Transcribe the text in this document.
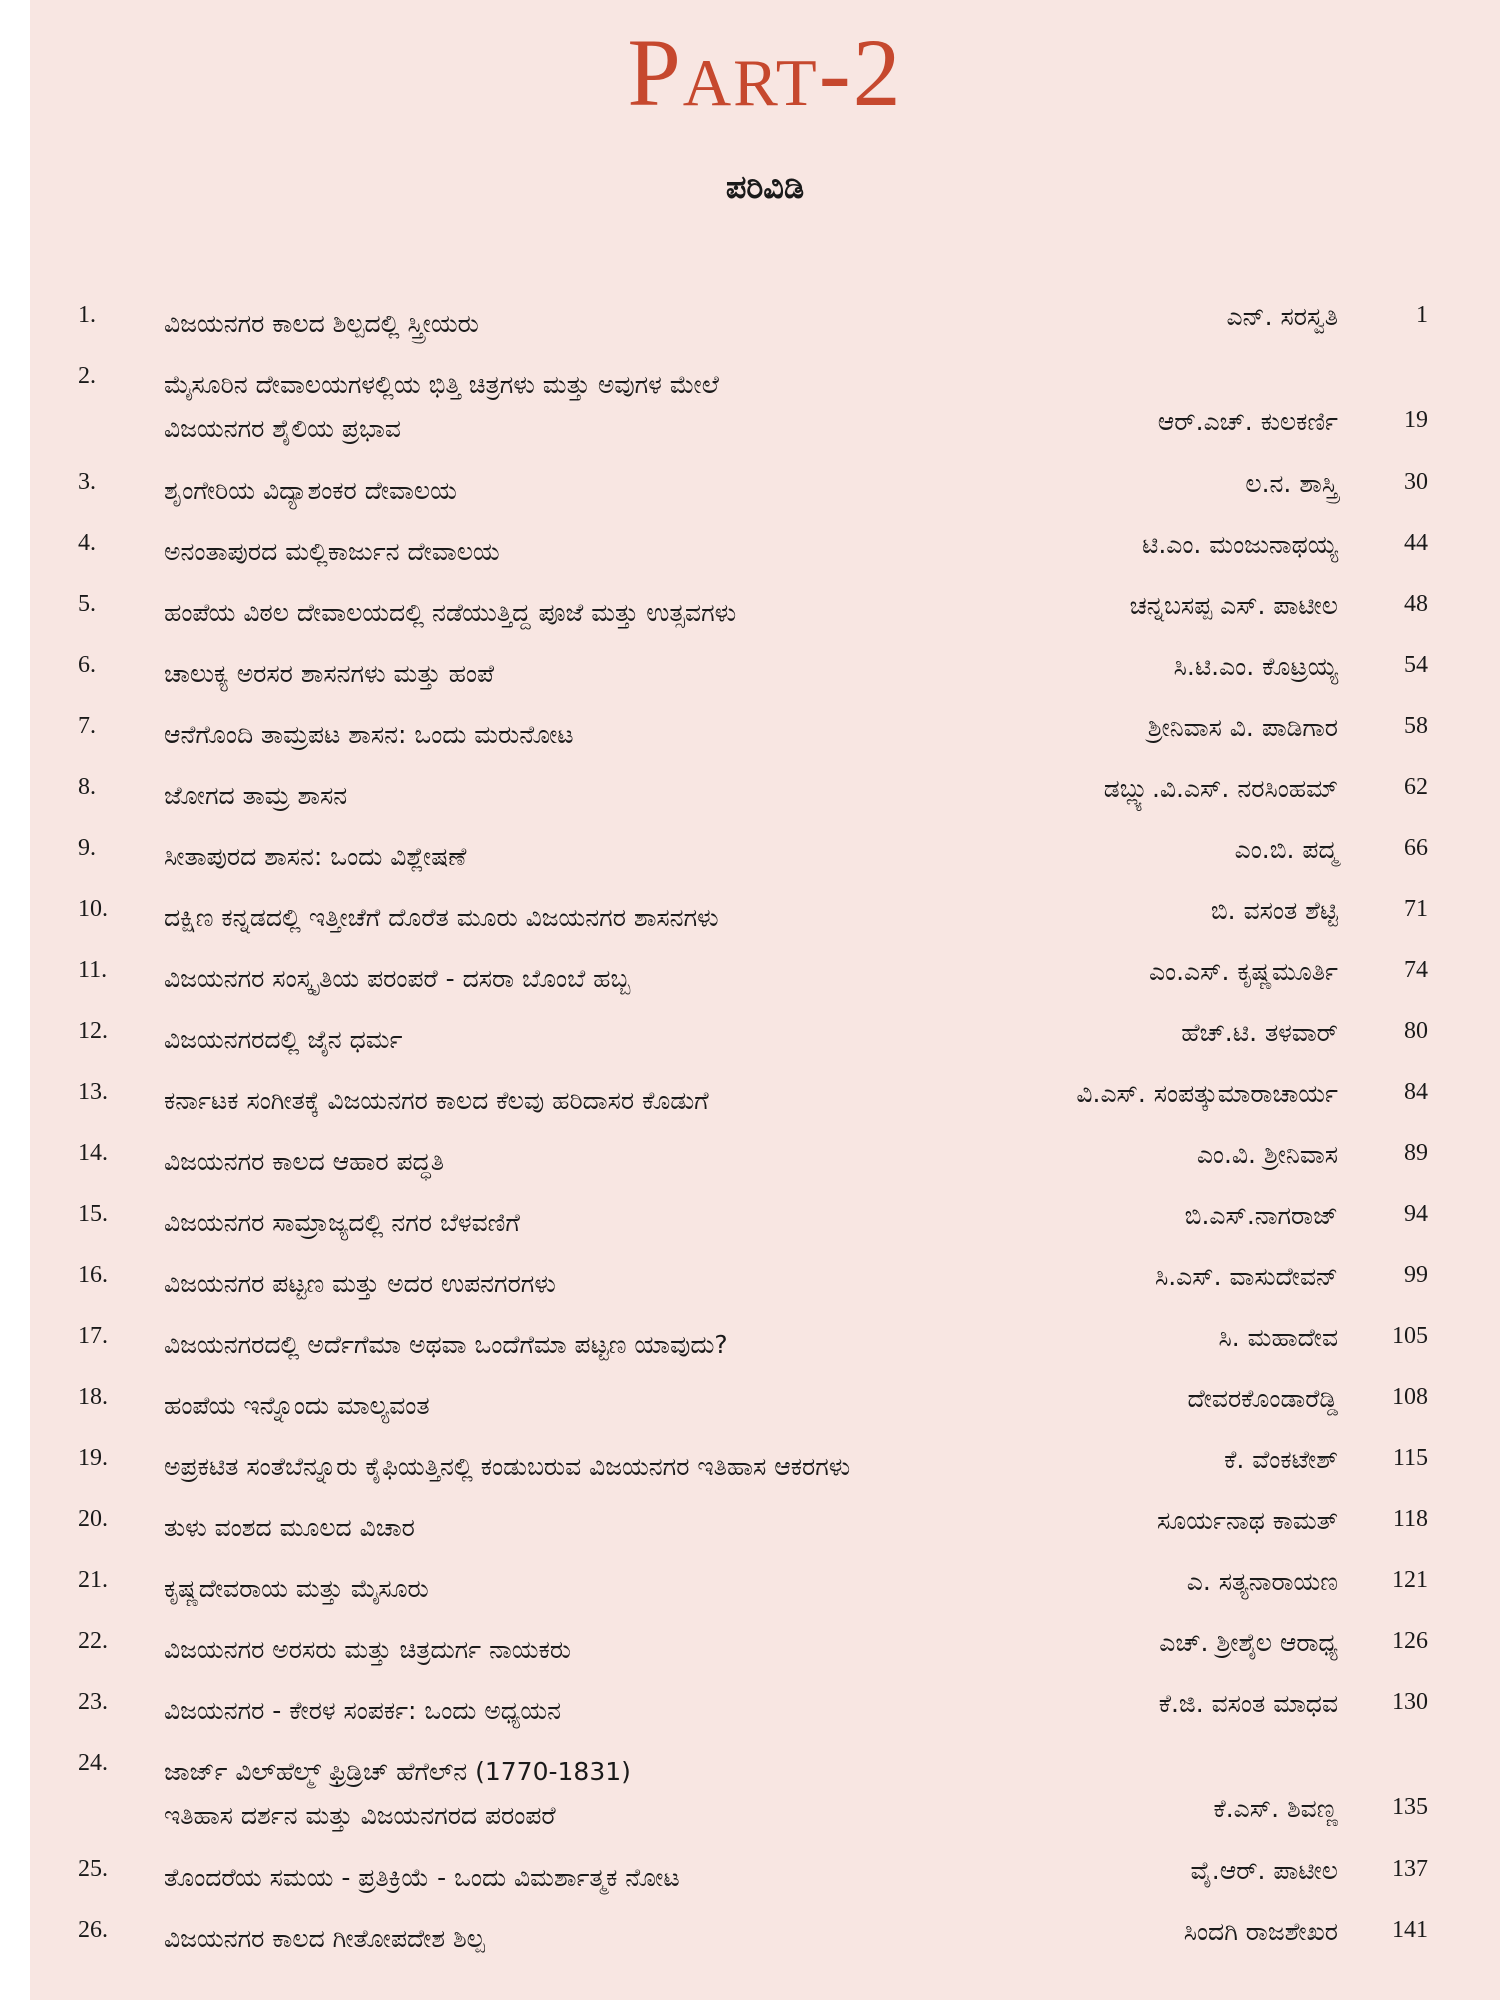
Part-2
ಪರಿವಿಡಿ
1.	ವಿಜಯನಗರ ಕಾಲದ ಶಿಲ್ಪದಲ್ಲಿ ಸ್ತ್ರೀಯರು	ಎನ್. ಸರಸ್ವತಿ	1
2.	ಮೈಸೂರಿನ ದೇವಾಲಯಗಳಲ್ಲಿಯ ಭಿತ್ತಿ ಚಿತ್ರಗಳು ಮತ್ತು ಅವುಗಳ ಮೇಲೆ
ವಿಜಯನಗರ ಶೈಲಿಯ ಪ್ರಭಾವ	ಆರ್.ಎಚ್. ಕುಲಕರ್ಣಿ	19
3.	ಶೃಂಗೇರಿಯ ವಿದ್ಯಾಶಂಕರ ದೇವಾಲಯ	ಲ.ನ. ಶಾಸ್ತ್ರಿ	30
4.	ಅನಂತಾಪುರದ ಮಲ್ಲಿಕಾರ್ಜುನ ದೇವಾಲಯ	ಟಿ.ಎಂ. ಮಂಜುನಾಥಯ್ಯ	44
5.	ಹಂಪೆಯ ವಿಠಲ ದೇವಾಲಯದಲ್ಲಿ ನಡೆಯುತ್ತಿದ್ದ ಪೂಜೆ ಮತ್ತು ಉತ್ಸವಗಳು	ಚನ್ನಬಸಪ್ಪ ಎಸ್. ಪಾಟೀಲ	48
6.	ಚಾಲುಕ್ಯ ಅರಸರ ಶಾಸನಗಳು ಮತ್ತು ಹಂಪೆ	ಸಿ.ಟಿ.ಎಂ. ಕೊಟ್ರಯ್ಯ	54
7.	ಆನೆಗೊಂದಿ ತಾಮ್ರಪಟ ಶಾಸನ: ಒಂದು ಮರುನೋಟ	ಶ್ರೀನಿವಾಸ ವಿ. ಪಾಡಿಗಾರ	58
8.	ಜೋಗದ ತಾಮ್ರ ಶಾಸನ	ಡಬ್ಲ್ಯು.ವಿ.ಎಸ್. ನರಸಿಂಹಮ್	62
9.	ಸೀತಾಪುರದ ಶಾಸನ: ಒಂದು ವಿಶ್ಲೇಷಣೆ	ಎಂ.ಬಿ. ಪದ್ಮ	66
10. ದಕ್ಷಿಣ ಕನ್ನಡದಲ್ಲಿ ಇತ್ತೀಚೆಗೆ ದೊರೆತ ಮೂರು ವಿಜಯನಗರ ಶಾಸನಗಳು	ಬಿ. ವಸಂತ ಶೆಟ್ಟಿ	71
11. ವಿಜಯನಗರ ಸಂಸ್ಕೃತಿಯ ಪರಂಪರೆ - ದಸರಾ ಬೊಂಬೆ ಹಬ್ಬ	ಎಂ.ಎಸ್. ಕೃಷ್ಣಮೂರ್ತಿ	74
12. ವಿಜಯನಗರದಲ್ಲಿ ಜೈನ ಧರ್ಮ	ಹೆಚ್.ಟಿ. ತಳವಾರ್	80
13. ಕರ್ನಾಟಕ ಸಂಗೀತಕ್ಕೆ ವಿಜಯನಗರ ಕಾಲದ ಕೆಲವು ಹರಿದಾಸರ ಕೊಡುಗೆ	ವಿ.ಎಸ್. ಸಂಪತ್ಕುಮಾರಾಚಾರ್ಯ	84
14. ವಿಜಯನಗರ ಕಾಲದ ಆಹಾರ ಪದ್ಧತಿ	ಎಂ.ವಿ. ಶ್ರೀನಿವಾಸ	89
15. ವಿಜಯನಗರ ಸಾಮ್ರಾಜ್ಯದಲ್ಲಿ ನಗರ ಬೆಳವಣಿಗೆ	ಬಿ.ಎಸ್.ನಾಗರಾಜ್	94
16. ವಿಜಯನಗರ ಪಟ್ಟಣ ಮತ್ತು ಅದರ ಉಪನಗರಗಳು	ಸಿ.ಎಸ್. ವಾಸುದೇವನ್	99
17. ವಿಜಯನಗರದಲ್ಲಿ ಅರ್ದೆಗೆಮಾ ಅಥವಾ ಒಂದೆಗೆಮಾ ಪಟ್ಟಣ ಯಾವುದು?	ಸಿ. ಮಹಾದೇವ	105
18. ಹಂಪೆಯ ಇನ್ನೊಂದು ಮಾಲ್ಯವಂತ	ದೇವರಕೊಂಡಾರೆಡ್ಡಿ	108
19. ಅಪ್ರಕಟಿತ ಸಂತೆಬೆನ್ನೂರು ಕೈಫಿಯತ್ತಿನಲ್ಲಿ ಕಂಡುಬರುವ ವಿಜಯನಗರ ಇತಿಹಾಸ ಆಕರಗಳು	ಕೆ. ವೆಂಕಟೇಶ್	115
20. ತುಳು ವಂಶದ ಮೂಲದ ವಿಚಾರ	ಸೂರ್ಯನಾಥ ಕಾಮತ್	118
21. ಕೃಷ್ಣದೇವರಾಯ ಮತ್ತು ಮೈಸೂರು	ಎ. ಸತ್ಯನಾರಾಯಣ	121
22. ವಿಜಯನಗರ ಅರಸರು ಮತ್ತು ಚಿತ್ರದುರ್ಗ ನಾಯಕರು	ಎಚ್. ಶ್ರೀಶೈಲ ಆರಾಧ್ಯ	126
23. ವಿಜಯನಗರ - ಕೇರಳ ಸಂಪರ್ಕ: ಒಂದು ಅಧ್ಯಯನ	ಕೆ.ಜಿ. ವಸಂತ ಮಾಧವ	130
24. ಜಾರ್ಜ್ ವಿಲ್‌ಹೆಲ್ಮ್ ಫ್ರಿಡ್ರಿಚ್ ಹೆಗೆಲ್‌ನ (1770-1831)
ಇತಿಹಾಸ ದರ್ಶನ ಮತ್ತು ವಿಜಯನಗರದ ಪರಂಪರೆ	ಕೆ.ಎಸ್. ಶಿವಣ್ಣ	135
25. ತೊಂದರೆಯ ಸಮಯ - ಪ್ರತಿಕ್ರಿಯೆ - ಒಂದು ವಿಮರ್ಶಾತ್ಮಕ ನೋಟ	ವೈ.ಆರ್. ಪಾಟೀಲ	137
26. ವಿಜಯನಗರ ಕಾಲದ ಗೀತೋಪದೇಶ ಶಿಲ್ಪ	ಸಿಂದಗಿ ರಾಜಶೇಖರ	141
